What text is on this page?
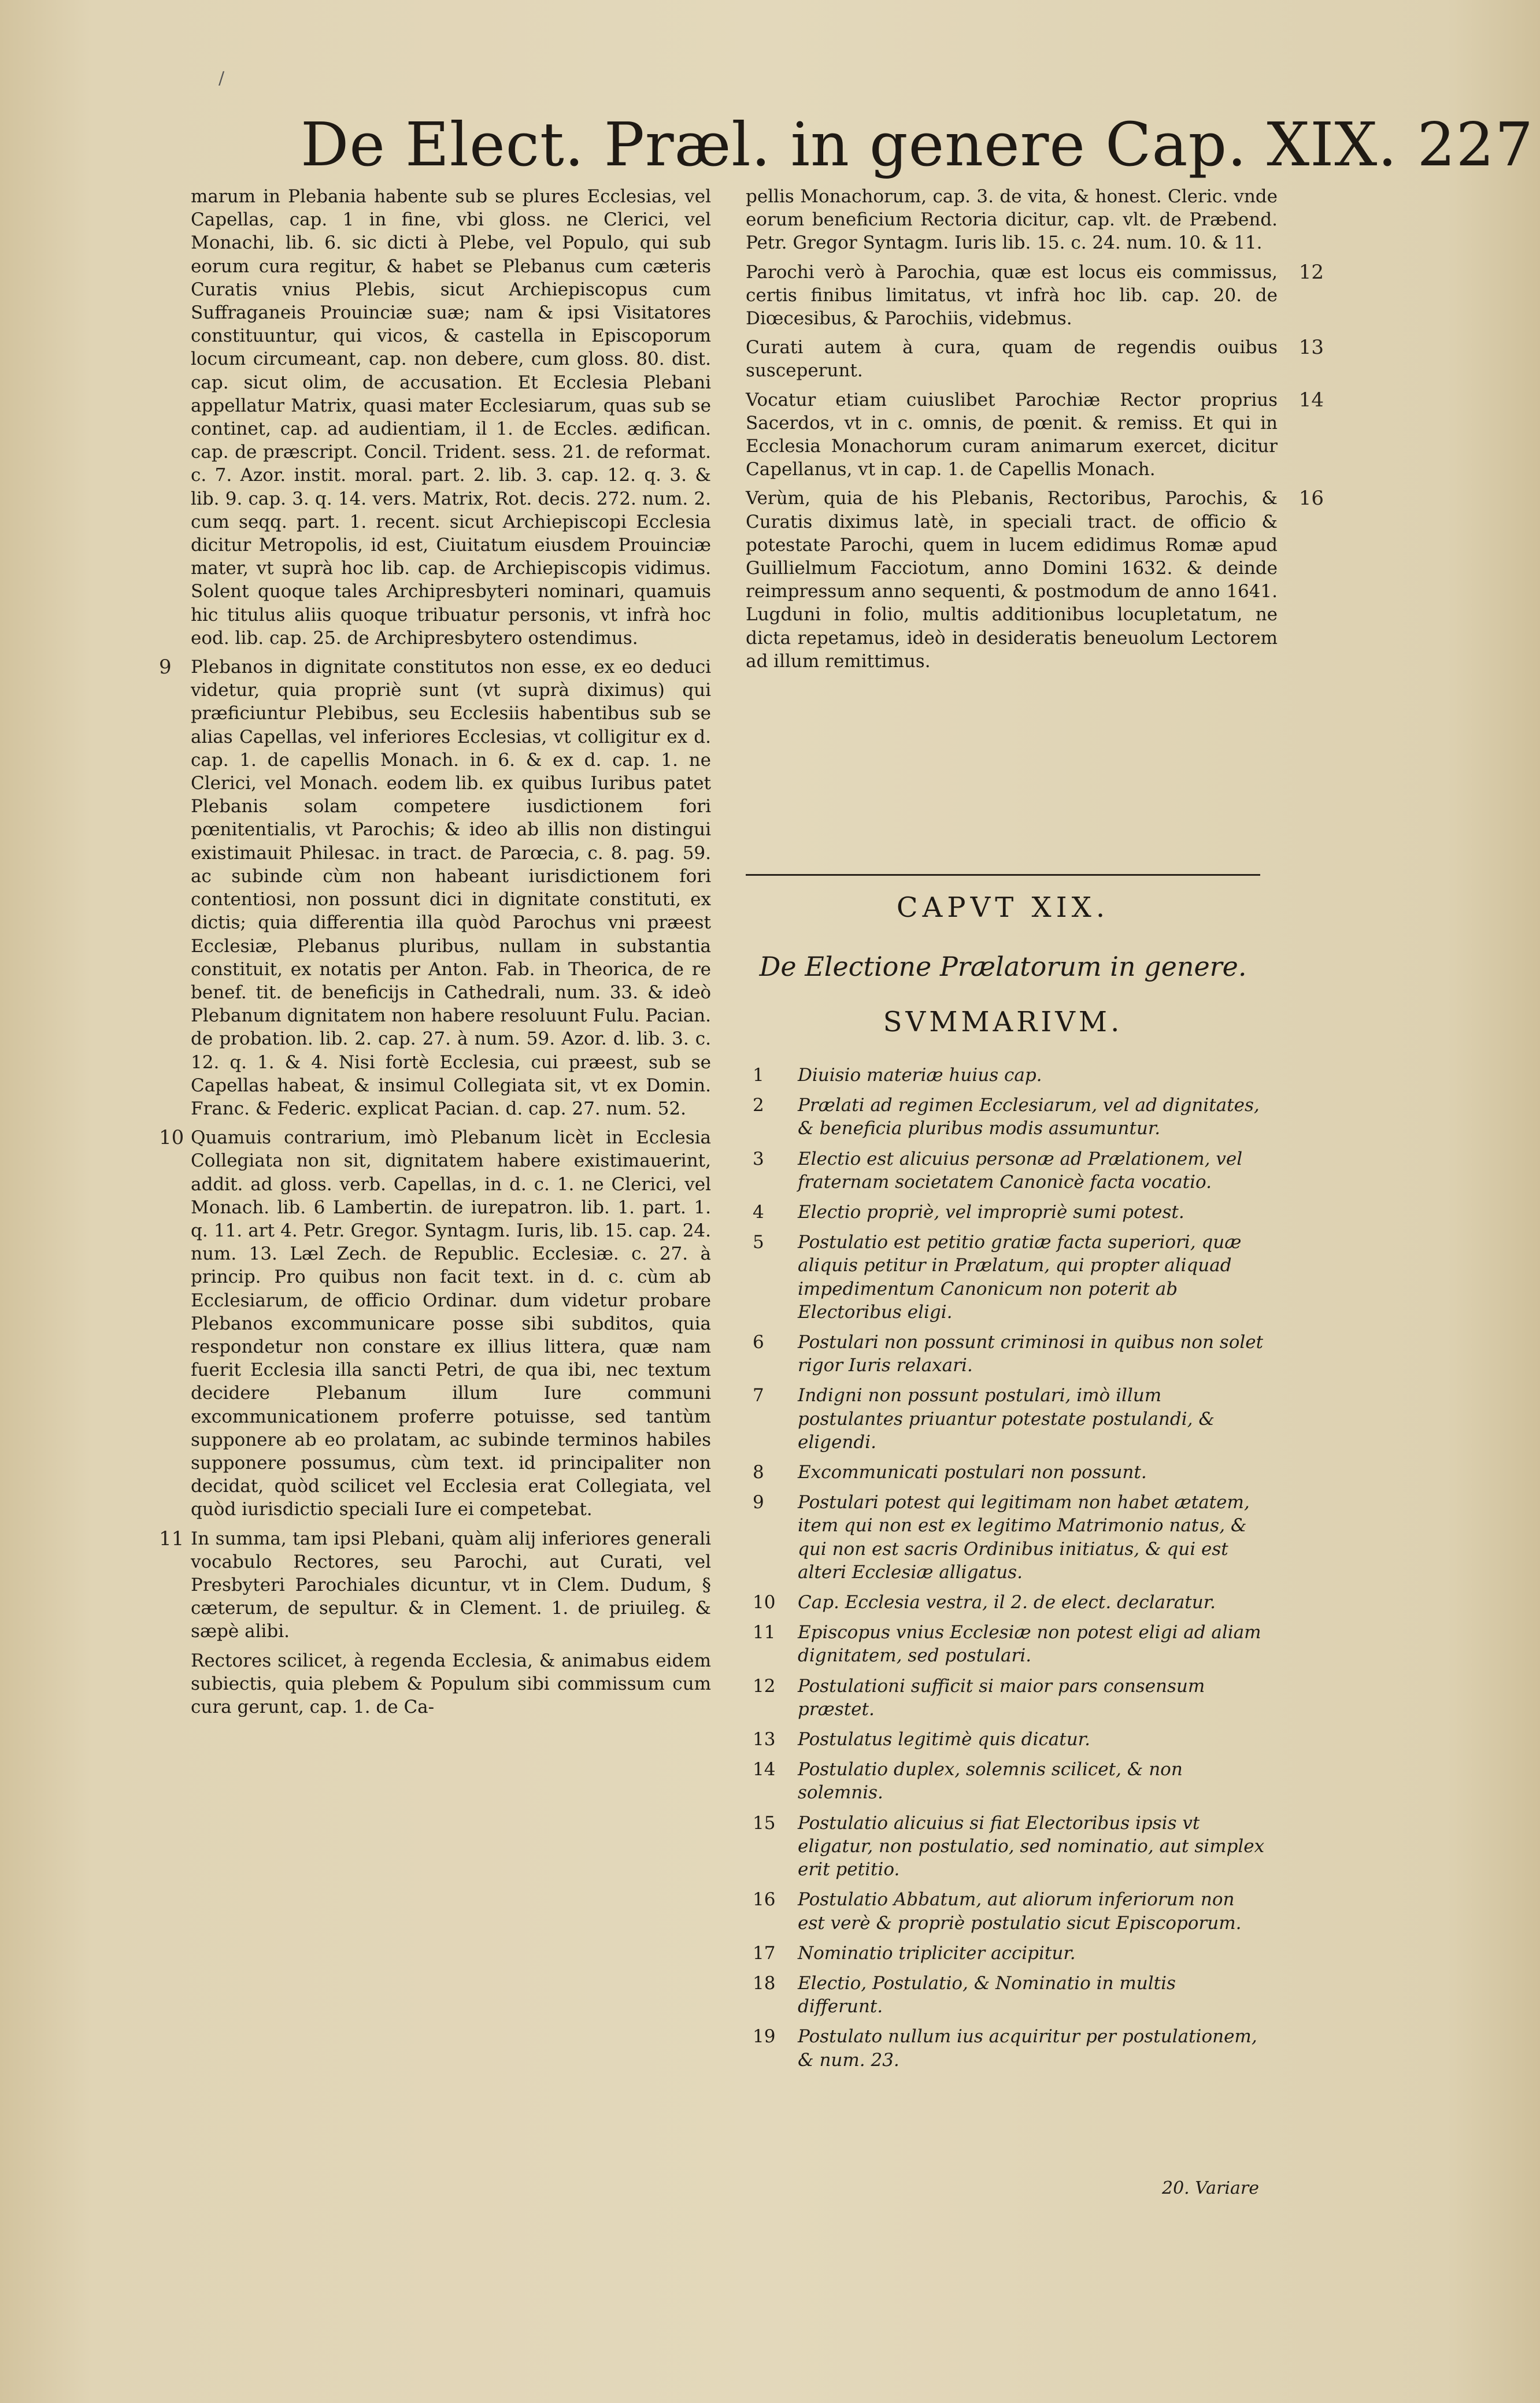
/
De Elect. Præl. in genere Cap. XIX. 227

marum in Plebania habente sub se plures Ecclesias, vel Capellas, cap. 1 in fine, vbi gloss. ne Clerici, vel Monachi, lib. 6. sic dicti à Plebe, vel Populo, qui sub eorum cura regitur, & habet se Plebanus cum cæteris Curatis vnius Plebis, sicut Archiepiscopus cum Suffraganeis Prouinciæ suæ; nam & ipsi Visitatores constituuntur, qui vicos, & castella in Episcoporum locum circumeant, cap. non debere, cum gloss. 80. dist. cap. sicut olim, de accusation. Et Ecclesia Plebani appellatur Matrix, quasi mater Ecclesiarum, quas sub se continet, cap. ad audientiam, il 1. de Eccles. ædifican. cap. de præscript. Concil. Trident. sess. 21. de reformat. c. 7. Azor. instit. moral. part. 2. lib. 3. cap. 12. q. 3. & lib. 9. cap. 3. q. 14. vers. Matrix, Rot. decis. 272. num. 2. cum seqq. part. 1. recent. sicut Archiepiscopi Ecclesia dicitur Metropolis, id est, Ciuitatum eiusdem Prouinciæ mater, vt suprà hoc lib. cap. de Archiepiscopis vidimus. Solent quoque tales Archipresbyteri nominari, quamuis hic titulus aliis quoque tribuatur personis, vt infrà hoc eod. lib. cap. 25. de Archipresbytero ostendimus.

9 Plebanos in dignitate constitutos non esse, ex eo deduci videtur, quia propriè sunt (vt suprà diximus) qui præficiuntur Plebibus, seu Ecclesiis habentibus sub se alias Capellas, vel inferiores Ecclesias, vt colligitur ex d. cap. 1. de capellis Monach. in 6. & ex d. cap. 1. ne Clerici, vel Monach. eodem lib. ex quibus Iuribus patet Plebanis solam competere iusdictionem fori pœnitentialis, vt Parochis; & ideo ab illis non distingui existimauit Philesac. in tract. de Parœcia, c. 8. pag. 59. ac subinde cùm non habeant iurisdictionem fori contentiosi, non possunt dici in dignitate constituti, ex dictis; quia differentia illa quòd Parochus vni præest Ecclesiæ, Plebanus pluribus, nullam in substantia constituit, ex notatis per Anton. Fab. in Theorica, de re benef. tit. de beneficijs in Cathedrali, num. 33. & ideò Plebanum dignitatem non habere resoluunt Fulu. Pacian. de probation. lib. 2. cap. 27. à num. 59. Azor. d. lib. 3. c. 12. q. 1. & 4. Nisi fortè Ecclesia, cui præest, sub se Capellas habeat, & insimul Collegiata sit, vt ex Domin. Franc. & Federic. explicat Pacian. d. cap. 27. num. 52.

10 Quamuis contrarium, imò Plebanum licèt in Ecclesia Collegiata non sit, dignitatem habere existimauerint, addit. ad gloss. verb. Capellas, in d. c. 1. ne Clerici, vel Monach. lib. 6 Lambertin. de iurepatron. lib. 1. part. 1. q. 11. art 4. Petr. Gregor. Syntagm. Iuris, lib. 15. cap. 24. num. 13. Læl Zech. de Republic. Ecclesiæ. c. 27. à princip. Pro quibus non facit text. in d. c. cùm ab Ecclesiarum, de officio Ordinar. dum videtur probare Plebanos excommunicare posse sibi subditos, quia respondetur non constare ex illius littera, quæ nam fuerit Ecclesia illa sancti Petri, de qua ibi, nec textum decidere Plebanum illum Iure communi excommunicationem proferre potuisse, sed tantùm supponere ab eo prolatam, ac subinde terminos habiles supponere possumus, cùm text. id principaliter non decidat, quòd scilicet vel Ecclesia erat Collegiata, vel quòd iurisdictio speciali Iure ei competebat.

11 In summa, tam ipsi Plebani, quàm alij inferiores generali vocabulo Rectores, seu Parochi, aut Curati, vel Presbyteri Parochiales dicuntur, vt in Clem. Dudum, § cæterum, de sepultur. & in Clement. 1. de priuileg. & sæpè alibi.

Rectores scilicet, à regenda Ecclesia, & animabus eidem subiectis, quia plebem & Populum sibi commissum cum cura gerunt, cap. 1. de Ca-

pellis Monachorum, cap. 3. de vita, & honest. Cleric. vnde eorum beneficium Rectoria dicitur, cap. vlt. de Præbend. Petr. Gregor Syntagm. Iuris lib. 15. c. 24. num. 10. & 11.

12

Parochi verò à Parochia, quæ est locus eis commissus, certis finibus limitatus, vt infrà hoc lib. cap. 20. de Diœcesibus, & Parochiis, videbmus.

13

Curati autem à cura, quam de regendis ouibus susceperunt.

14

Vocatur etiam cuiuslibet Parochiæ Rector proprius Sacerdos, vt in c. omnis, de pœnit. & remiss. Et qui in Ecclesia Monachorum curam animarum exercet, dicitur Capellanus, vt in cap. 1. de Capellis Monach.

16

Verùm, quia de his Plebanis, Rectoribus, Parochis, & Curatis diximus latè, in speciali tract. de officio & potestate Parochi, quem in lucem edidimus Romæ apud Guillielmum Facciotum, anno Domini 1632. & deinde reimpressum anno sequenti, & postmodum de anno 1641. Lugduni in folio, multis additionibus locupletatum, ne dicta repetamus, ideò in desideratis beneuolum Lectorem ad illum remittimus.

CAPVT XIX.
De Electione Prælatorum in genere.
SVMMARIVM.
1	Diuisio materiæ huius cap.
2	Prælati ad regimen Ecclesiarum, vel ad dignitates, & beneficia pluribus modis assumuntur.
3	Electio est alicuius personæ ad Prælationem, vel fraternam societatem Canonicè facta vocatio.
4	Electio propriè, vel impropriè sumi potest.
5	Postulatio est petitio gratiæ facta superiori, quæ aliquis petitur in Prælatum, qui propter aliquad impedimentum Canonicum non poterit ab Electoribus eligi.
6	Postulari non possunt criminosi in quibus non solet rigor Iuris relaxari.
7	Indigni non possunt postulari, imò illum postulantes priuantur potestate postulandi, & eligendi.
8	Excommunicati postulari non possunt.
9	Postulari potest qui legitimam non habet ætatem, item qui non est ex legitimo Matrimonio natus, & qui non est sacris Ordinibus initiatus, & qui est alteri Ecclesiæ alligatus.
10	Cap. Ecclesia vestra, il 2. de elect. declaratur.
11	Episcopus vnius Ecclesiæ non potest eligi ad aliam dignitatem, sed postulari.
12	Postulationi sufficit si maior pars consensum præstet.
13	Postulatus legitimè quis dicatur.
14	Postulatio duplex, solemnis scilicet, & non solemnis.
15	Postulatio alicuius si fiat Electoribus ipsis vt eligatur, non postulatio, sed nominatio, aut simplex erit petitio.
16	Postulatio Abbatum, aut aliorum inferiorum non est verè & propriè postulatio sicut Episcoporum.
17	Nominatio tripliciter accipitur.
18	Electio, Postulatio, & Nominatio in multis differunt.
19	Postulato nullum ius acquiritur per postulationem, & num. 23.
20. Variare
